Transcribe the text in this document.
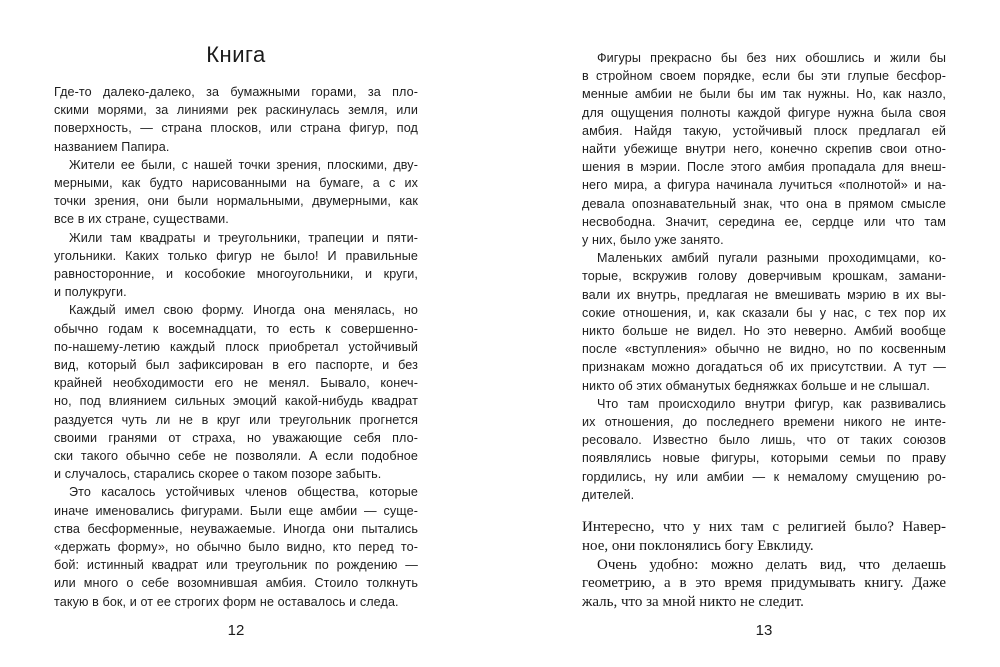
Книга
Где-то далеко-далеко, за бумажными горами, за пло-
скими морями, за линиями рек раскинулась земля, или
поверхность, — страна плосков, или страна фигур, под
названием Папира.
Жители ее были, с нашей точки зрения, плоскими, дву-
мерными, как будто нарисованными на бумаге, а с их
точки зрения, они были нормальными, двумерными, как
все в их стране, существами.
Жили там квадраты и треугольники, трапеции и пяти-
угольники. Каких только фигур не было! И правильные
равносторонние, и кособокие многоугольники, и круги,
и полукруги.
Каждый имел свою форму. Иногда она менялась, но
обычно годам к восемнадцати, то есть к совершенно-
по-нашему-летию каждый плоск приобретал устойчивый
вид, который был зафиксирован в его паспорте, и без
крайней необходимости его не менял. Бывало, конеч-
но, под влиянием сильных эмоций какой-нибудь квадрат
раздуется чуть ли не в круг или треугольник прогнется
своими гранями от страха, но уважающие себя пло-
ски такого обычно себе не позволяли. А если подобное
и случалось, старались скорее о таком позоре забыть.
Это касалось устойчивых членов общества, которые
иначе именовались фигурами. Были еще амбии — суще-
ства бесформенные, неуважаемые. Иногда они пытались
«держать форму», но обычно было видно, кто перед то-
бой: истинный квадрат или треугольник по рождению —
или много о себе возомнившая амбия. Стоило толкнуть
такую в бок, и от ее строгих форм не оставалось и следа.
Фигуры прекрасно бы без них обошлись и жили бы
в стройном своем порядке, если бы эти глупые бесфор-
менные амбии не были бы им так нужны. Но, как назло,
для ощущения полноты каждой фигуре нужна была своя
амбия. Найдя такую, устойчивый плоск предлагал ей
найти убежище внутри него, конечно скрепив свои отно-
шения в мэрии. После этого амбия пропадала для внеш-
него мира, а фигура начинала лучиться «полнотой» и на-
девала опознавательный знак, что она в прямом смысле
несвободна. Значит, середина ее, сердце или что там
у них, было уже занято.
Маленьких амбий пугали разными проходимцами, ко-
торые, вскружив голову доверчивым крошкам, замани-
вали их внутрь, предлагая не вмешивать мэрию в их вы-
сокие отношения, и, как сказали бы у нас, с тех пор их
никто больше не видел. Но это неверно. Амбий вообще
после «вступления» обычно не видно, но по косвенным
признакам можно догадаться об их присутствии. А тут —
никто об этих обманутых бедняжках больше и не слышал.
Что там происходило внутри фигур, как развивались
их отношения, до последнего времени никого не инте-
ресовало. Известно было лишь, что от таких союзов
появлялись новые фигуры, которыми семьи по праву
гордились, ну или амбии — к немалому смущению ро-
дителей.
Интересно, что у них там с религией было? Навер-
ное, они поклонялись богу Евклиду.
Очень удобно: можно делать вид, что делаешь
геометрию, а в это время придумывать книгу. Даже
жаль, что за мной никто не следит.
12	13
